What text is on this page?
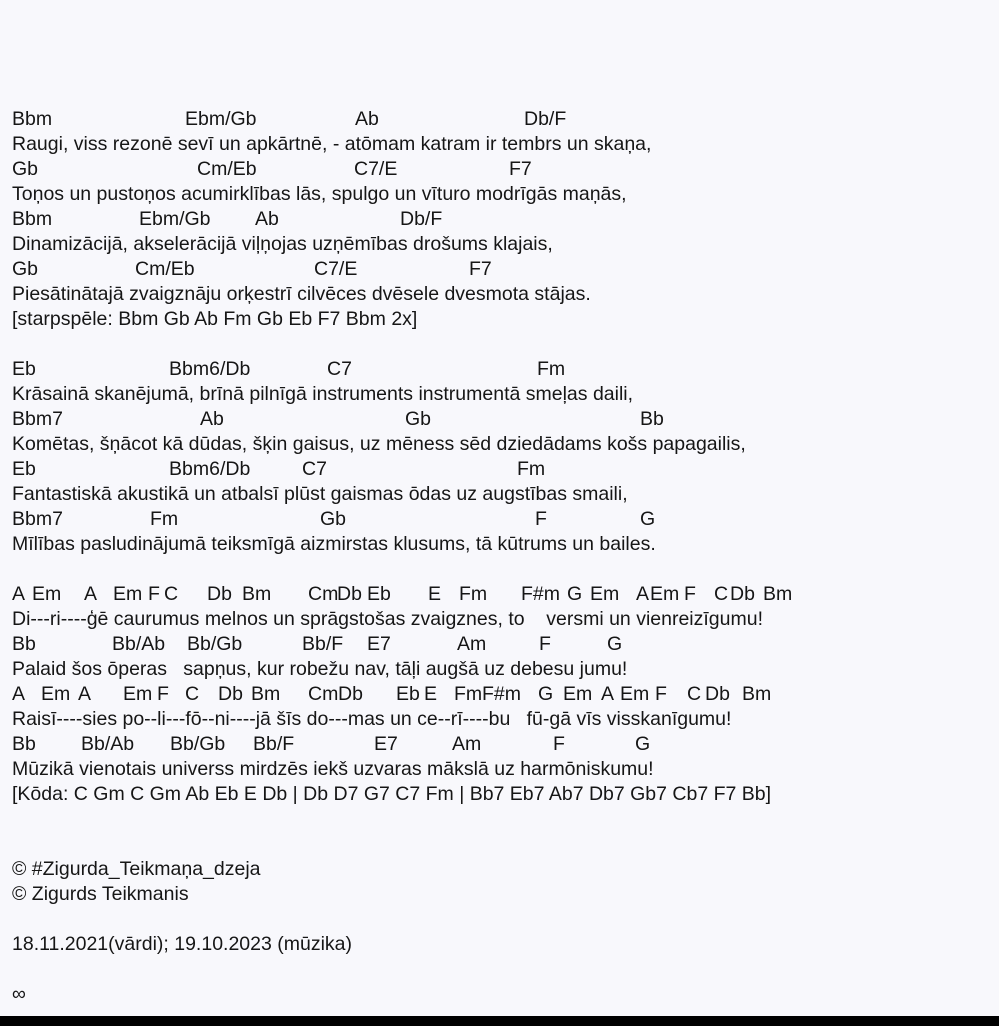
Bbm	Ebm/Gb	Ab	Db/F
Raugi, viss rezonē sevī un apkārtnē, - atōmam katram ir tembrs un skaņa,
Gb	Cm/Eb	C7/E	F7
Toņos un pustoņos acumirklības lās, spulgo un vīturo modrīgās maņās,
Bbm	Ebm/Gb Ab	Db/F
Dinamizācijā, akselerācijā viļņojas uzņēmības drošums klajais,
Gb	Cm/Eb	C7/E	F7
Piesātinātajā zvaigznāju orķestrī cilvēces dvēsele dvesmota stājas.
[starpspēle: Bbm Gb Ab Fm Gb Eb F7 Bbm 2x]
Eb	Bbm6/Db	C7	Fm
Krāsainā skanējumā, brīnā pilnīgā instruments instrumentā smeļas daili,
Bbm7	Ab	Gb	Bb
Komētas, šņācot kā dūdas, šķin gaisus, uz mēness sēd dziedādams košs papagailis,
Eb	Bbm6/Db	C7	Fm
Fantastiskā akustikā un atbalsī plūst gaismas ōdas uz augstības smaili,
Bbm7	Fm	Gb	F	G
Mīlības pasludinājumā teiksmīgā aizmirstas klusums, tā kūtrums un bailes.
A Em A Em F C Db Bm Cm
Db Eb E Fm F#m G Em A Em F C Db Bm
Di---ri----ģē caurumus melnos un sprāgstošas zvaigznes, to    versmi un vienreizīgumu!
Bb	Bb/Ab Bb/Gb	Bb/F E7	Am	F	G
Palaid šos ōperas   sapņus, kur robežu nav, tāļi augšā uz debesu jumu!
A Em A Em F C Db Bm Cm Db Eb E Fm F#m G Em A Em F C Db Bm
Raisī----sies po--li---fō--ni----jā šīs do---mas un ce--rī----bu   fū-gā vīs visskanīgumu!
Bb Bb/Ab Bb/Gb Bb/F	E7	Am	F	G
Mūzikā vienotais universs mirdzēs iekš uzvaras mākslā uz harmōniskumu!
[Kōda: C Gm C Gm Ab Eb E Db | Db D7 G7 C7 Fm | Bb7 Eb7 Ab7 Db7 Gb7 Cb7 F7 Bb]
© #Zigurda_Teikmaņa_dzeja
© Zigurds Teikmanis
18.11.2021(vārdi); 19.10.2023 (mūzika)
∞
